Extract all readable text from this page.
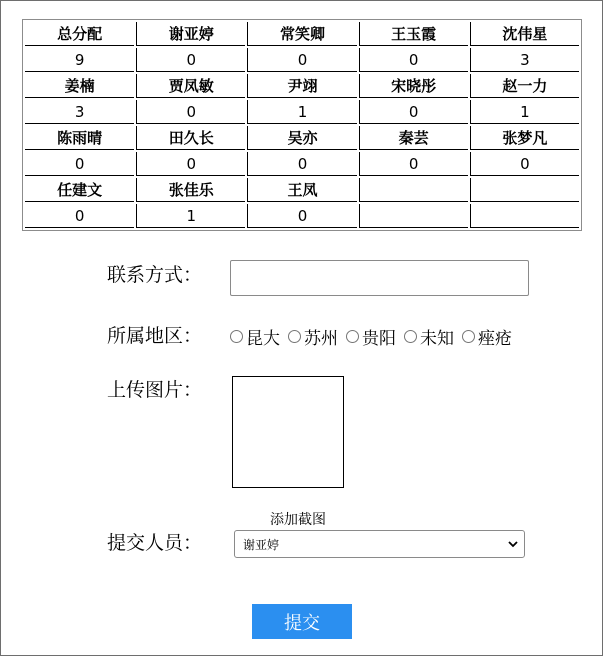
总分配	谢亚婷	常笑卿	王玉霞	沈伟星
9	0	0	0	3
姜楠	贾凤敏	尹翊	宋晓彤	赵一力
3	0	1	0	1
陈雨晴	田久长	吴亦	秦芸	张梦凡
0	0	0	0	0
任建文	张佳乐	王凤		
0	1	0		
联系方式：
所属地区：	昆大 苏州 贵阳 未知 痤疮
上传图片：
添加截图
提交人员：	谢亚婷
提交
